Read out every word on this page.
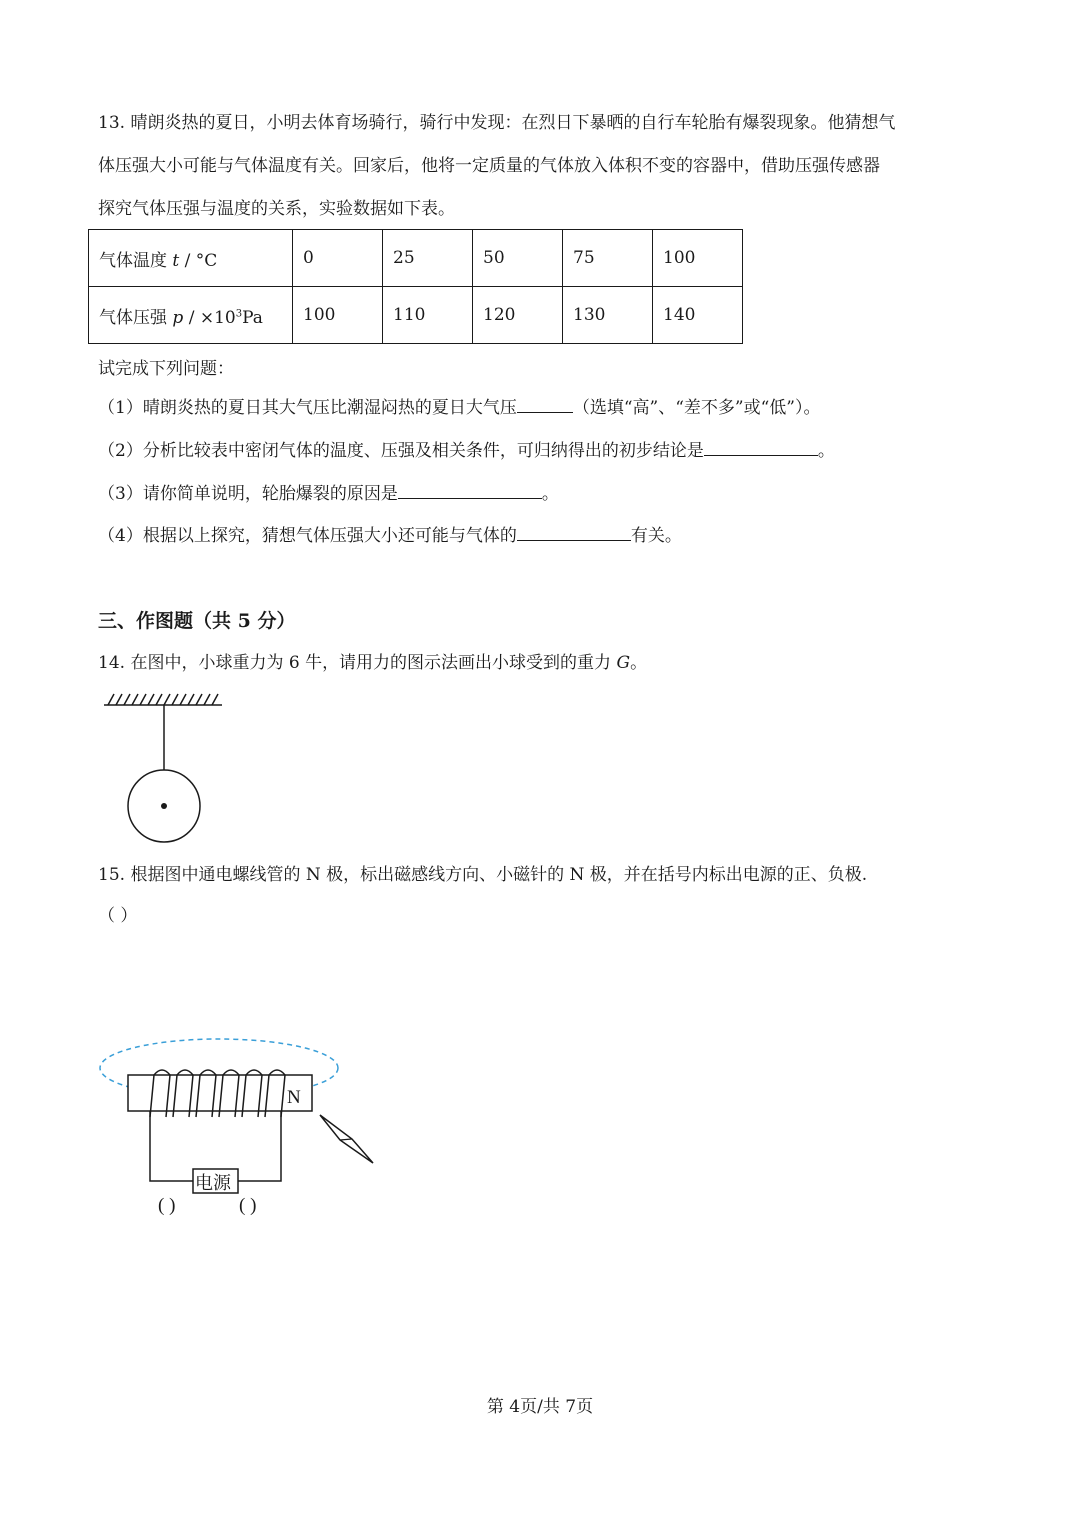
13. 晴朗炎热的夏日，小明去体育场骑行，骑行中发现：在烈日下暴晒的自行车轮胎有爆裂现象。他猜想气
体压强大小可能与气体温度有关。回家后，他将一定质量的气体放入体积不变的容器中，借助压强传感器
探究气体压强与温度的关系，实验数据如下表。
气体温度 t / °C	0	25	50	75	100
气体压强 $p / \times 10^3Pa$	100	110	120	130	140
试完成下列问题：
（1）晴朗炎热的夏日其大气压比潮湿闷热的夏日大气压	（选填“高”、“差不多”或“低”）。
（2）分析比较表中密闭气体的温度、压强及相关条件，可归纳得出的初步结论是	。
（3）请你简单说明，轮胎爆裂的原因是	。
（4）根据以上探究，猜想气体压强大小还可能与气体的	有关。
三、作图题（共 5 分）
14. 在图中，小球重力为 6 牛，请用力的图示法画出小球受到的重力 G。
15. 根据图中通电螺线管的 N 极，标出磁感线方向、小磁针的 N 极，并在括号内标出电源的正、负极.
（ ）
N
电源
( )	( )
第 4页/共 7页
